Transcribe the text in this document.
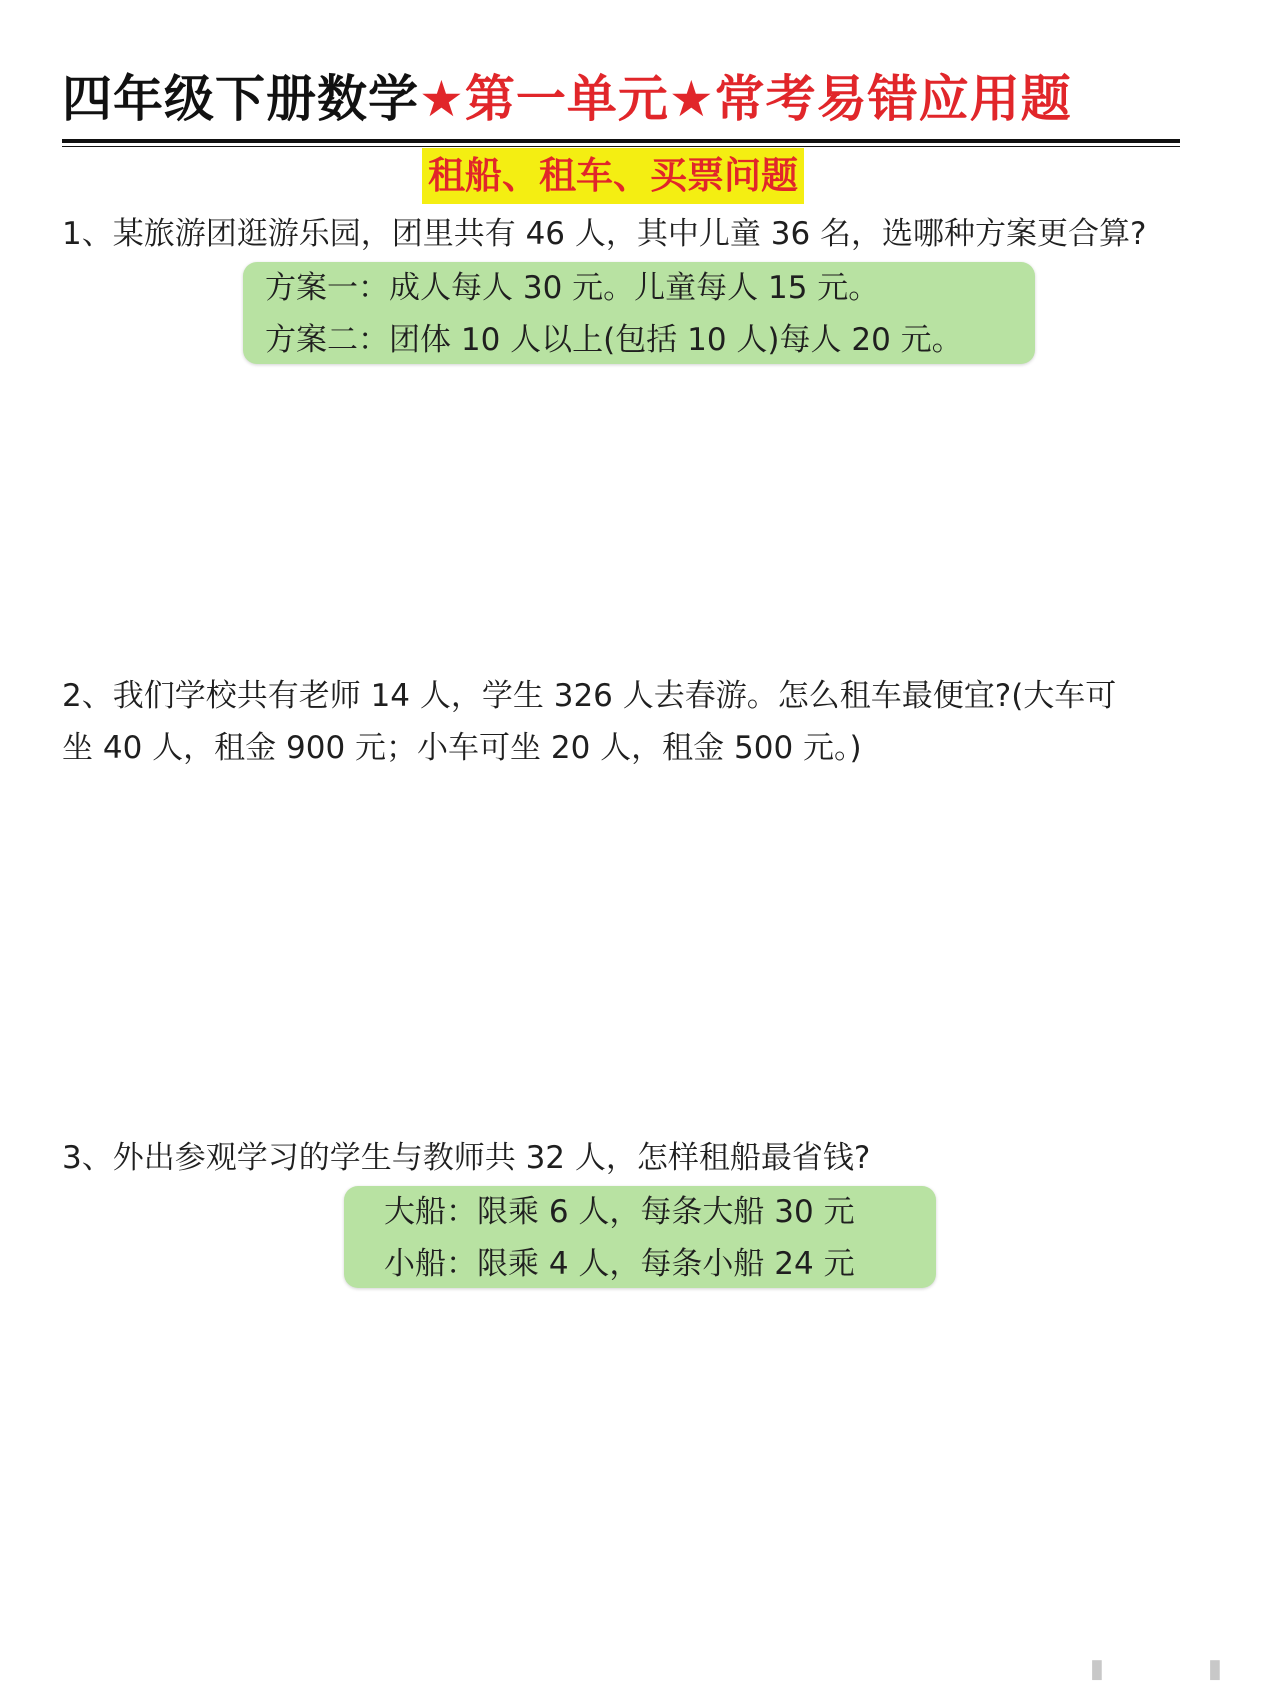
四年级下册数学★第一单元★常考易错应用题
租船、租车、买票问题
1、某旅游团逛游乐园，团里共有 46 人，其中儿童 36 名，选哪种方案更合算?
方案一：成人每人 30 元。儿童每人 15 元。
方案二：团体 10 人以上(包括 10 人)每人 20 元。
2、我们学校共有老师 14 人，学生 326 人去春游。怎么租车最便宜?(大车可
坐 40 人，租金 900 元；小车可坐 20 人，租金 500 元。)
3、外出参观学习的学生与教师共 32 人，怎样租船最省钱?
大船：限乘 6 人，每条大船 30 元
小船：限乘 4 人，每条小船 24 元
▮	▮
